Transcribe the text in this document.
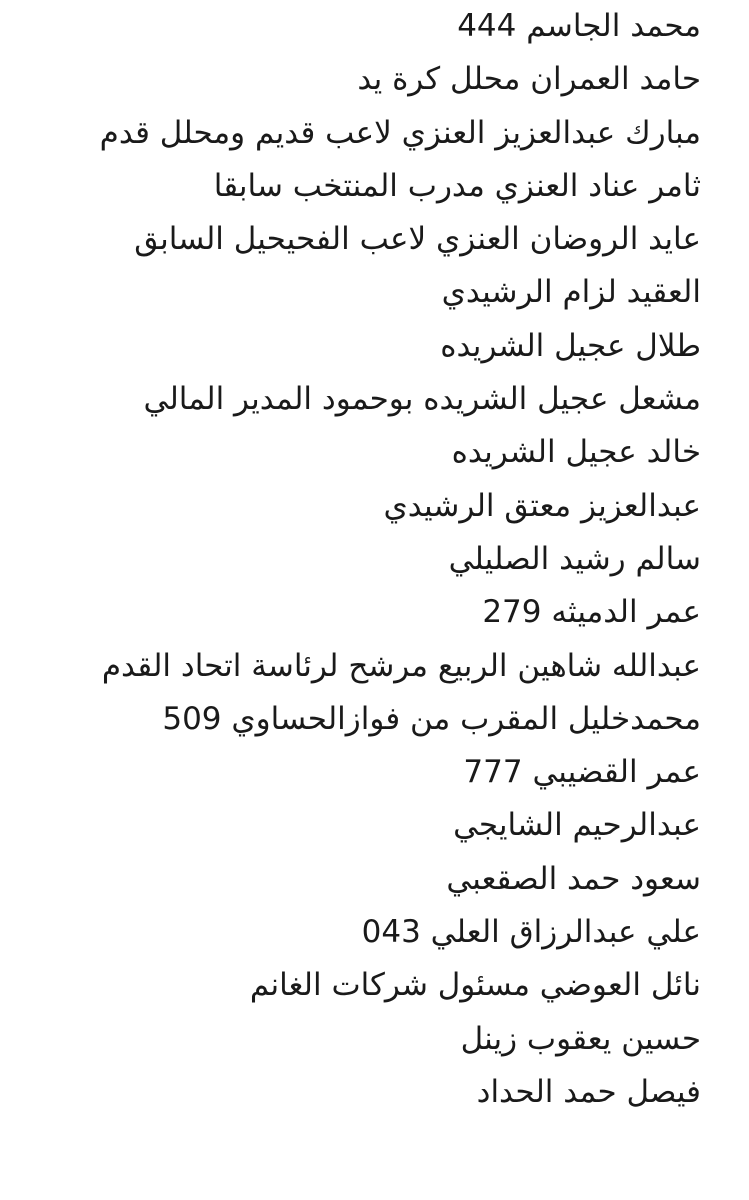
محمد الجاسم 444
حامد العمران محلل كرة يد
مبارك عبدالعزيز العنزي لاعب قديم ومحلل قدم
ثامر عناد العنزي مدرب المنتخب سابقا
عايد الروضان العنزي لاعب الفحيحيل السابق
العقيد لزام الرشيدي
طلال عجيل الشريده
مشعل عجيل الشريده بوحمود المدير المالي
خالد عجيل الشريده
عبدالعزيز معتق الرشيدي
سالم رشيد الصليلي
عمر الدميثه 279
عبدالله شاهين الربيع مرشح لرئاسة اتحاد القدم
محمدخليل المقرب من فوازالحساوي 509
عمر القضيبي 777
عبدالرحيم الشايجي
سعود حمد الصقعبي
علي عبدالرزاق العلي 043
نائل العوضي مسئول شركات الغانم
حسين يعقوب زينل
فيصل حمد الحداد
